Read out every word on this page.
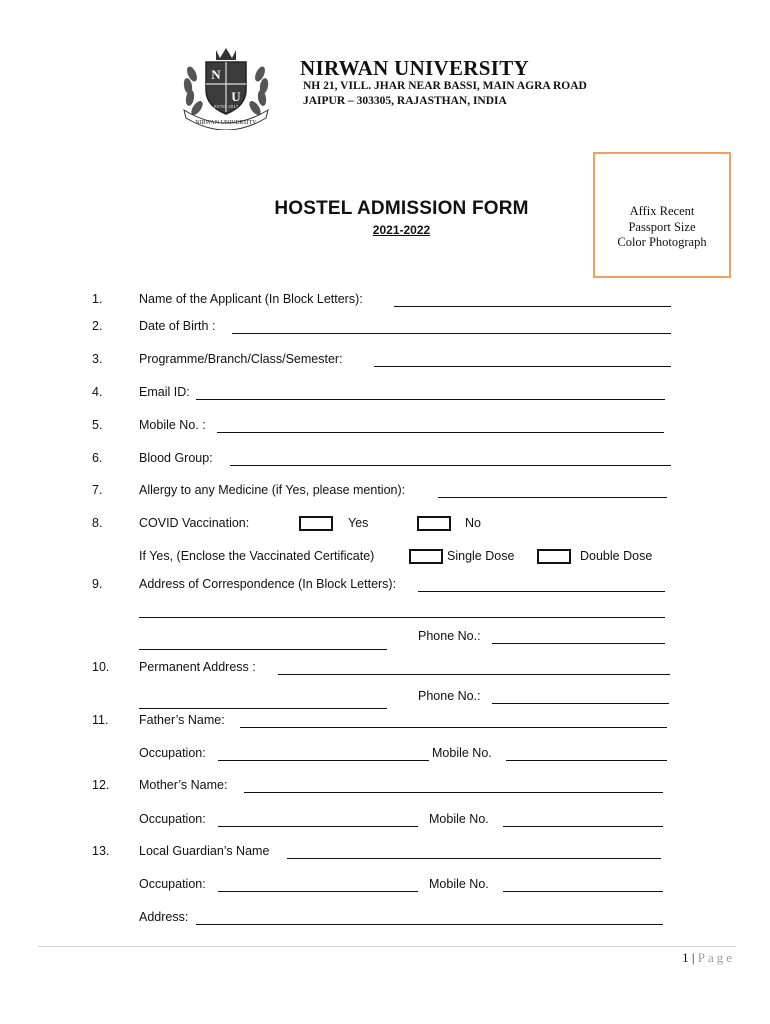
N
U
ESTD. 2017
NIRWAN UNIVERSITY
NIRWAN UNIVERSITY
NH 21, VILL. JHAR NEAR BASSI, MAIN AGRA ROAD
JAIPUR – 303305, RAJASTHAN, INDIA
HOSTEL ADMISSION FORM
2021-2022
Affix Recent
Passport Size
Color Photograph
1.	Name of the Applicant (In Block Letters):
2.	Date of Birth :
3.	Programme/Branch/Class/Semester:
4.	Email ID:
5.	Mobile No. :
6.	Blood Group:
7.	Allergy to any Medicine (if Yes, please mention):
8.	COVID Vaccination:	Yes	No
If Yes, (Enclose the Vaccinated Certificate)	Single Dose	Double Dose
9.	Address of Correspondence (In Block Letters):
Phone No.:
10. Permanent Address :
Phone No.:
11. Father’s Name:
Occupation:	Mobile No.
12. Mother’s Name:
Occupation:	Mobile No.
13. Local Guardian’s Name
Occupation:	Mobile No.
Address:
1 | Page
